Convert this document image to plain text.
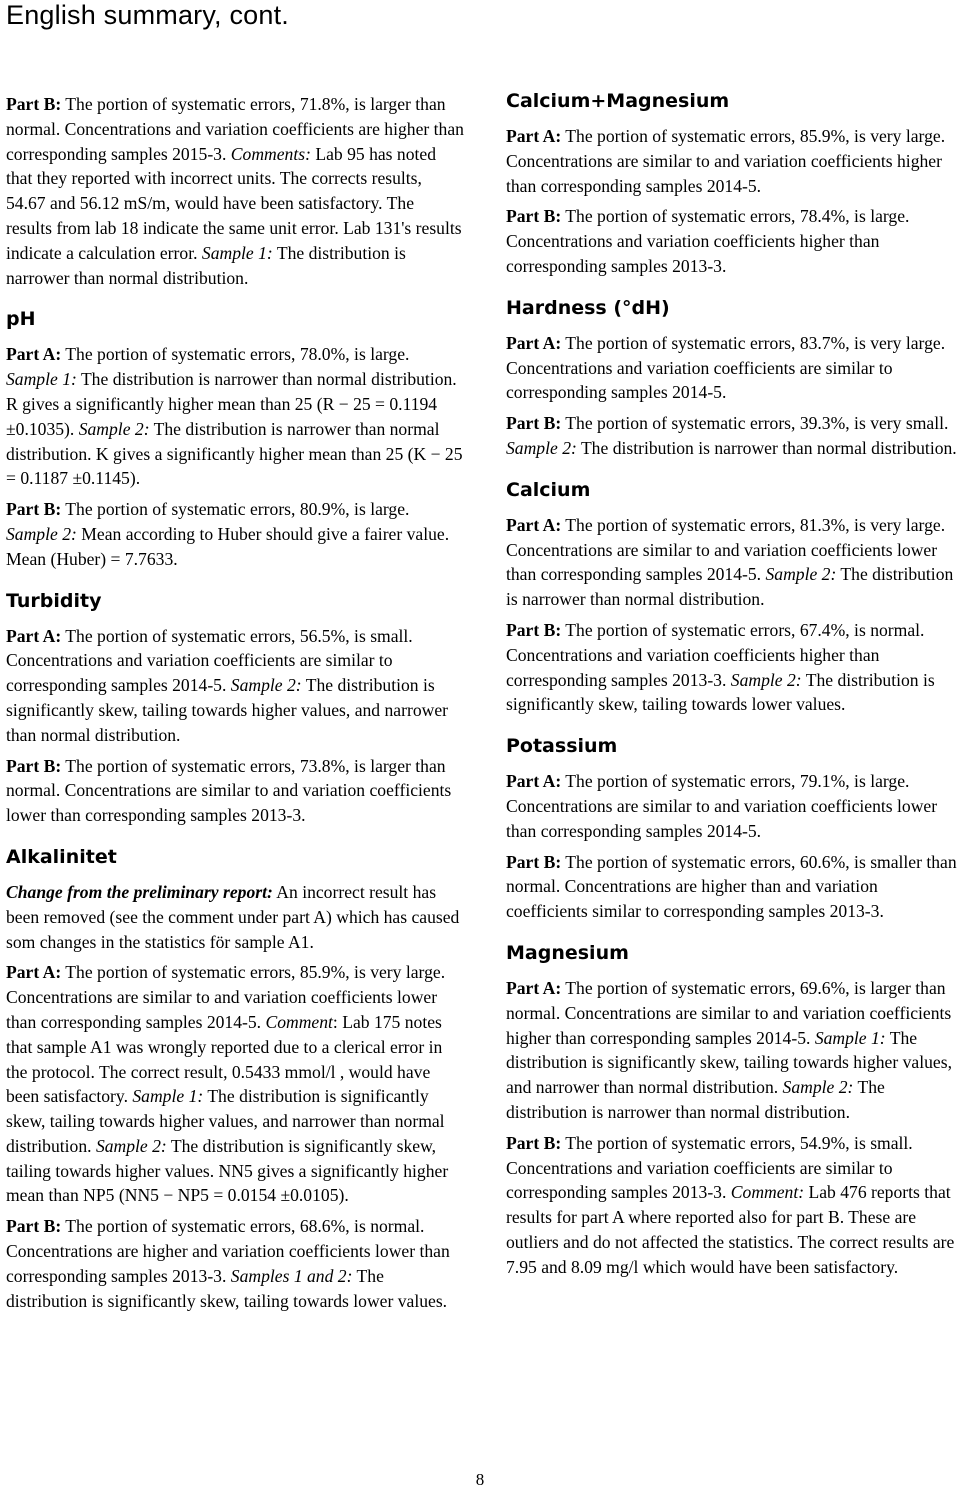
English summary, cont.

Part B: The portion of systematic errors, 71.8%, is larger than normal. Concentrations and variation coefficients are higher than corresponding samples 2015-3. Comments: Lab 95 has noted that they reported with incorrect units. The corrects results, 54.67 and 56.12 mS/m, would have been satisfactory. The results from lab 18 indicate the same unit error. Lab 131's results indicate a calculation error. Sample 1: The distribution is narrower than normal distribution.

pH

Part A: The portion of systematic errors, 78.0%, is large. Sample 1: The distribution is narrower than normal distribution. R gives a significantly higher mean than 25 (R − 25 = 0.1194 ±0.1035). Sample 2: The distribution is narrower than normal distribution. K gives a significantly higher mean than 25 (K − 25 = 0.1187 ±0.1145).

Part B: The portion of systematic errors, 80.9%, is large. Sample 2: Mean according to Huber should give a fairer value. Mean (Huber) = 7.7633.

Turbidity

Part A: The portion of systematic errors, 56.5%, is small. Concentrations and variation coefficients are similar to corresponding samples 2014-5. Sample 2: The distribution is significantly skew, tailing towards higher values, and narrower than normal distribution.

Part B: The portion of systematic errors, 73.8%, is larger than normal. Concentrations are similar to and variation coefficients lower than corresponding samples 2013-3.

Alkalinitet

Change from the preliminary report: An incorrect result has been removed (see the comment under part A) which has caused som changes in the statistics för sample A1.

Part A: The portion of systematic errors, 85.9%, is very large. Concentrations are similar to and variation coefficients lower than corresponding samples 2014-5. Comment: Lab 175 notes that sample A1 was wrongly reported due to a clerical error in the protocol. The correct result, 0.5433 mmol/l , would have been satisfactory. Sample 1: The distribution is significantly skew, tailing towards higher values, and narrower than normal distribution. Sample 2: The distribution is significantly skew, tailing towards higher values. NN5 gives a significantly higher mean than NP5 (NN5 − NP5 = 0.0154 ±0.0105).

Part B: The portion of systematic errors, 68.6%, is normal. Concentrations are higher and variation coefficients lower than corresponding samples 2013-3. Samples 1 and 2: The distribution is significantly skew, tailing towards lower values.

Calcium+Magnesium

Part A: The portion of systematic errors, 85.9%, is very large. Concentrations are similar to and variation coefficients higher than corresponding samples 2014-5.

Part B: The portion of systematic errors, 78.4%, is large. Concentrations and variation coefficients higher than corresponding samples 2013-3.

Hardness (°dH)

Part A: The portion of systematic errors, 83.7%, is very large. Concentrations and variation coefficients are similar to corresponding samples 2014-5.

Part B: The portion of systematic errors, 39.3%, is very small. Sample 2: The distribution is narrower than normal distribution.

Calcium

Part A: The portion of systematic errors, 81.3%, is very large. Concentrations are similar to and variation coefficients lower than corresponding samples 2014-5. Sample 2: The distribution is narrower than normal distribution.

Part B: The portion of systematic errors, 67.4%, is normal. Concentrations and variation coefficients higher than corresponding samples 2013-3. Sample 2: The distribution is significantly skew, tailing towards lower values.

Potassium

Part A: The portion of systematic errors, 79.1%, is large. Concentrations are similar to and variation coefficients lower than corresponding samples 2014-5.

Part B: The portion of systematic errors, 60.6%, is smaller than normal. Concentrations are higher than and variation coefficients similar to corresponding samples 2013-3.

Magnesium

Part A: The portion of systematic errors, 69.6%, is larger than normal. Concentrations are similar to and variation coefficients higher than corresponding samples 2014-5. Sample 1: The distribution is significantly skew, tailing towards higher values, and narrower than normal distribution. Sample 2: The distribution is narrower than normal distribution.

Part B: The portion of systematic errors, 54.9%, is small. Concentrations and variation coefficients are similar to corresponding samples 2013-3. Comment: Lab 476 reports that results for part A where reported also for part B. These are outliers and do not affected the statistics. The correct results are 7.95 and 8.09 mg/l which would have been satisfactory.

8
